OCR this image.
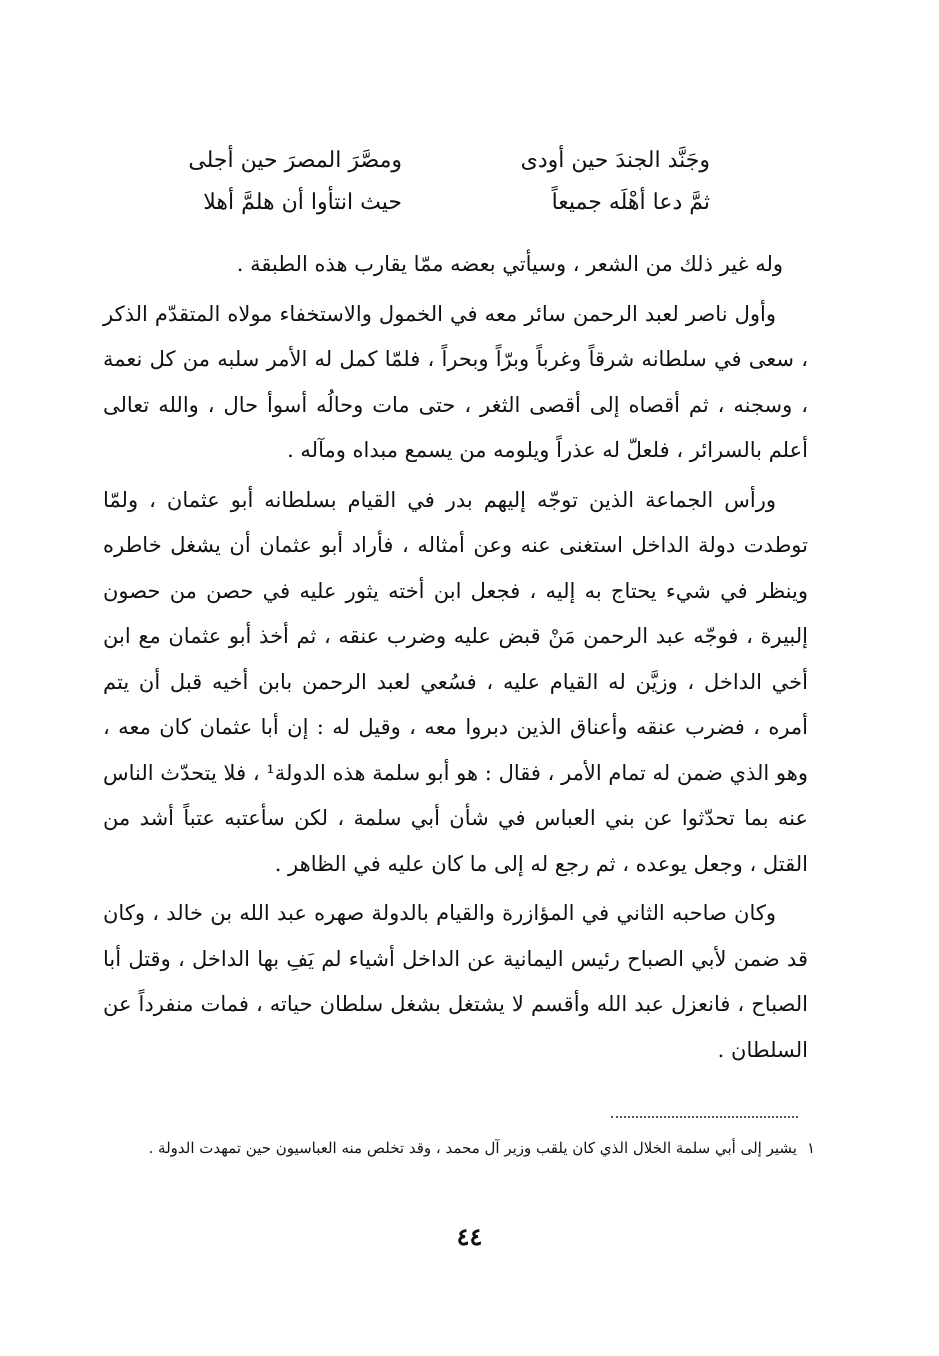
وجَنَّد الجندَ حين أودى
ومصَّرَ المصرَ حين أجلى
ثمَّ دعا أهْلَه جميعاً
حيث انتأوا أن هلمَّ أهلا

وله غير ذلك من الشعر ، وسيأتي بعضه ممّا يقارب هذه الطبقة .

وأول ناصر لعبد الرحمن سائر معه في الخمول والاستخفاء مولاه المتقدّم الذكر ، سعى في سلطانه شرقاً وغرباً وبرّاً وبحراً ، فلمّا كمل له الأمر سلبه من كل نعمة ، وسجنه ، ثم أقصاه إلى أقصى الثغر ، حتى مات وحالُه أسوأ حال ، والله تعالى أعلم بالسرائر ، فلعلّ له عذراً ويلومه من يسمع مبداه ومآله .

ورأس الجماعة الذين توجّه إليهم بدر في القيام بسلطانه أبو عثمان ، ولمّا توطدت دولة الداخل استغنى عنه وعن أمثاله ، فأراد أبو عثمان أن يشغل خاطره وينظر في شيء يحتاج به إليه ، فجعل ابن أخته يثور عليه في حصن من حصون إلبيرة ، فوجّه عبد الرحمن مَنْ قبض عليه وضرب عنقه ، ثم أخذ أبو عثمان مع ابن أخي الداخل ، وزيَّن له القيام عليه ، فسُعي لعبد الرحمن بابن أخيه قبل أن يتم أمره ، فضرب عنقه وأعناق الذين دبروا معه ، وقيل له : إن أبا عثمان كان معه ، وهو الذي ضمن له تمام الأمر ، فقال : هو أبو سلمة هذه الدولة¹ ، فلا يتحدّث الناس عنه بما تحدّثوا عن بني العباس في شأن أبي سلمة ، لكن سأعتبه عتباً أشد من القتل ، وجعل يوعده ، ثم رجع له إلى ما كان عليه في الظاهر .

وكان صاحبه الثاني في المؤازرة والقيام بالدولة صهره عبد الله بن خالد ، وكان قد ضمن لأبي الصباح رئيس اليمانية عن الداخل أشياء لم يَفِ بها الداخل ، وقتل أبا الصباح ، فانعزل عبد الله وأقسم لا يشتغل بشغل سلطان حياته ، فمات منفرداً عن السلطان .

١يشير إلى أبي سلمة الخلال الذي كان يلقب وزير آل محمد ، وقد تخلص منه العباسيون حين تمهدت الدولة .
٤٤
